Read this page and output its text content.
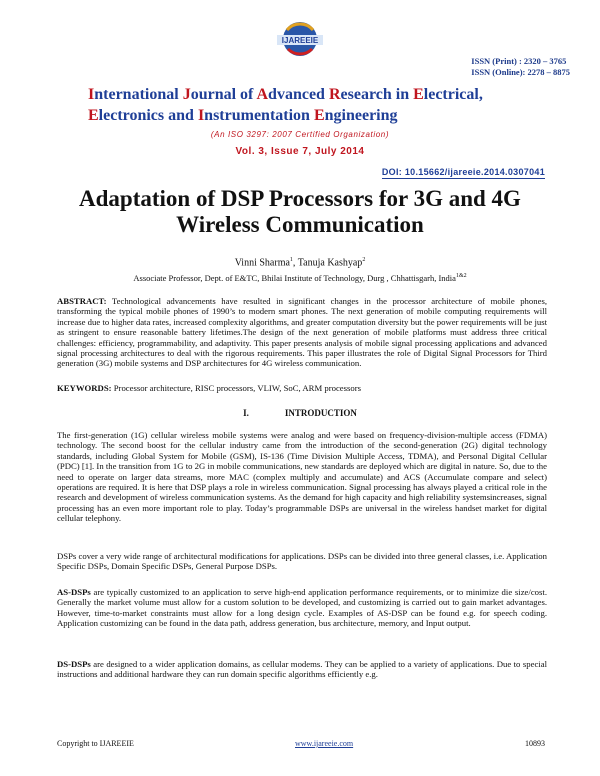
IJAREEIE
ISSN (Print) : 2320 – 3765
ISSN (Online): 2278 – 8875
International Journal of Advanced Research in Electrical,
Electronics and Instrumentation Engineering
(An ISO 3297: 2007 Certified Organization)
Vol. 3, Issue 7, July 2014
DOI: 10.15662/ijareeie.2014.0307041
Adaptation of DSP Processors for 3G and 4G
Wireless Communication
Vinni Sharma$^1$, Tanuja Kashyap$^2$
Associate Professor, Dept. of E&TC, Bhilai Institute of Technology, Durg , Chhattisgarh, India$^{1\&2}$
ABSTRACT: Technological advancements have resulted in significant changes in the processor architecture of mobile phones, transforming the typical mobile phones of 1990’s to modern smart phones. The next generation of mobile computing requirements will increase due to higher data rates, increased complexity algorithms, and greater computation diversity but the power requirements will be just as stringent to ensure reasonable battery lifetimes.The design of the next generation of mobile platforms must address three critical challenges: efficiency, programmability, and adaptivity. This paper presents analysis of mobile signal processing applications and advanced signal processing architectures to deal with the rigorous requirements. This paper illustrates the role of Digital Signal Processors for Third generation (3G) mobile systems and DSP architectures for 4G wireless communication.
KEYWORDS: Processor architecture, RISC processors, VLIW, SoC, ARM processors
I.	INTRODUCTION
The first-generation (1G) cellular wireless mobile systems were analog and were based on frequency-division-multiple access (FDMA) technology. The second boost for the cellular industry came from the introduction of the second-generation (2G) digital technology standards, including Global System for Mobile (GSM), IS-136 (Time Division Multiple Access, TDMA), and Personal Digital Cellular (PDC) [1]. In the transition from 1G to 2G in mobile communications, new standards are deployed which are digital in nature. So, due to the need to operate on larger data streams, more MAC (complex multiply and accumulate) and ACS (Accumulate compare and select) operations are required. It is here that DSP plays a role in wireless communication. Signal processing has always played a critical role in the research and development of wireless communication systems. As the demand for high capacity and high reliability systemsincreases, signal processing has an even more important role to play. Today’s programmable DSPs are universal in the wireless handset market for digital cellular telephony.
DSPs cover a very wide range of architectural modifications for applications. DSPs can be divided into three general classes, i.e. Application Specific DSPs, Domain Specific DSPs, General Purpose DSPs.
AS-DSPs are typically customized to an application to serve high-end application performance requirements, or to minimize die size/cost. Generally the market volume must allow for a custom solution to be developed, and customizing is carried out to gain market advantages. However, time-to-market constraints must allow for a long design cycle. Examples of AS-DSP can be found e.g. for speech coding. Application customizing can be found in the data path, address generation, bus architecture, memory, and Input output.
DS-DSPs are designed to a wider application domains, as cellular modems. They can be applied to a variety of applications. Due to special instructions and additional hardware they can run domain specific algorithms efficiently e.g.
Copyright to IJAREEIE	www.ijareeie.com	10893
